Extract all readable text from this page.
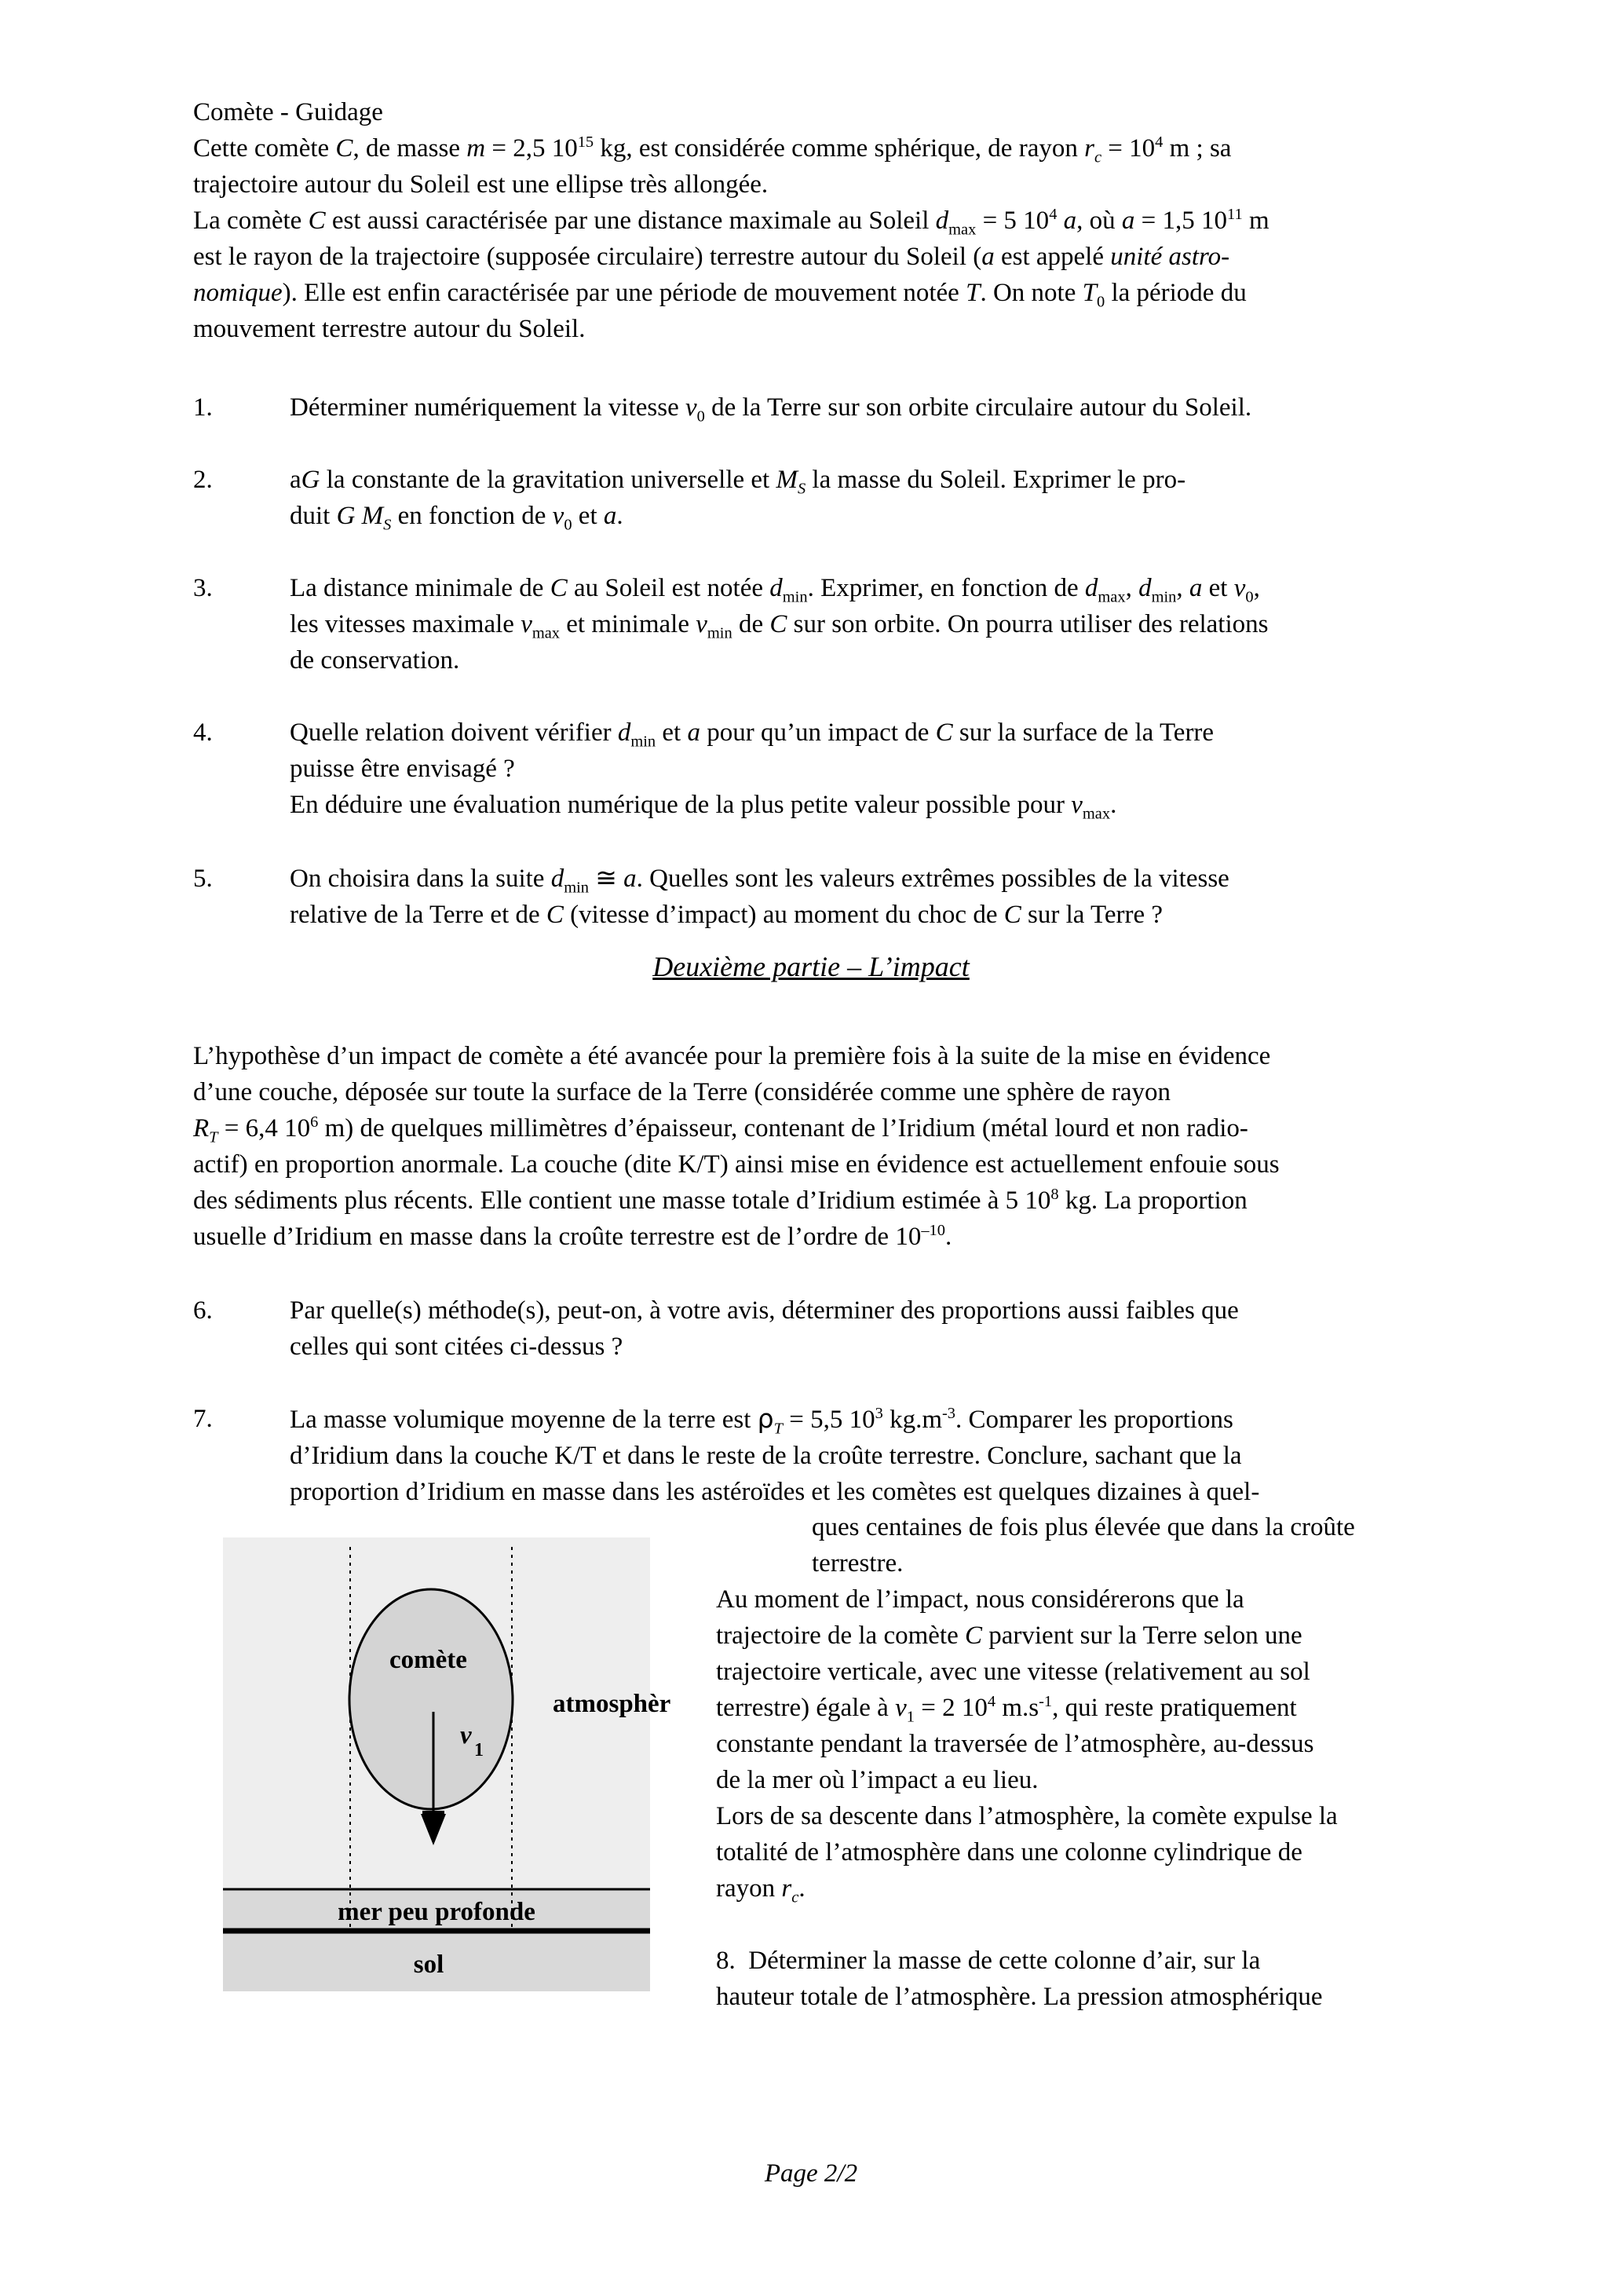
Comète - Guidage
Cette comète C, de masse m = 2,5 $10^{15}$ kg, est considérée comme sphérique, de rayon $r_c = 10^4$ m ; sa
trajectoire autour du Soleil est une ellipse très allongée.
La comète C est aussi caractérisée par une distance maximale au Soleil $d_{max} = 5$ $10^4$ a, où a = 1,5 $10^{11}$ m
est le rayon de la trajectoire (supposée circulaire) terrestre autour du Soleil (a est appelé unité astro-
nomique). Elle est enfin caractérisée par une période de mouvement notée T. On note $T_0$ la période du
mouvement terrestre autour du Soleil.
1.	Déterminer numériquement la vitesse $v_0$ de la Terre sur son orbite circulaire autour du Soleil.
2.	aG la constante de la gravitation universelle et $M_S$ la masse du Soleil. Exprimer le pro-
duit G $M_S$ en fonction de $v_0$ et a.
3.	La distance minimale de C au Soleil est notée $d_{min}$. Exprimer, en fonction de $d_{max}$, $d_{min}$, a et $v_0$,
les vitesses maximale $v_{max}$ et minimale $v_{min}$ de C sur son orbite. On pourra utiliser des relations
de conservation.
4.	Quelle relation doivent vérifier $d_{min}$ et a pour qu’un impact de C sur la surface de la Terre
puisse être envisagé ?
En déduire une évaluation numérique de la plus petite valeur possible pour $v_{max}$.
5.	On choisira dans la suite $d_{min}$ ≅ a. Quelles sont les valeurs extrêmes possibles de la vitesse
relative de la Terre et de C (vitesse d’impact) au moment du choc de C sur la Terre ?
Deuxième partie – L’impact
L’hypothèse d’un impact de comète a été avancée pour la première fois à la suite de la mise en évidence
d’une couche, déposée sur toute la surface de la Terre (considérée comme une sphère de rayon
$R_T = 6,4$ $10^6$ m) de quelques millimètres d’épaisseur, contenant de l’Iridium (métal lourd et non radio-
actif) en proportion anormale. La couche (dite K/T) ainsi mise en évidence est actuellement enfouie sous
des sédiments plus récents. Elle contient une masse totale d’Iridium estimée à 5 $10^8$ kg. La proportion
usuelle d’Iridium en masse dans la croûte terrestre est de l’ordre de $10^{-10}$.
6.	Par quelle(s) méthode(s), peut-on, à votre avis, déterminer des proportions aussi faibles que
celles qui sont citées ci-dessus ?
7.	La masse volumique moyenne de la terre est $\rho_T = 5,5$ $10^3$ $kg.m^{-3}$. Comparer les proportions
d’Iridium dans la couche K/T et dans le reste de la croûte terrestre. Conclure, sachant que la
proportion d’Iridium en masse dans les astéroïdes et les comètes est quelques dizaines à quel-
ques centaines de fois plus élevée que dans la croûte
terrestre.
Au moment de l’impact, nous considérerons que la
trajectoire de la comète C parvient sur la Terre selon une
trajectoire verticale, avec une vitesse (relativement au sol
terrestre) égale à $v_1 = 2$ $10^4$ $m.s^{-1}$, qui reste pratiquement
constante pendant la traversée de l’atmosphère, au-dessus
de la mer où l’impact a eu lieu.
Lors de sa descente dans l’atmosphère, la comète expulse la
totalité de l’atmosphère dans une colonne cylindrique de
rayon $r_c$.
8. Déterminer la masse de cette colonne d’air, sur la
hauteur totale de l’atmosphère. La pression atmosphérique
comète
v
1
atmosphèr
mer peu profonde
sol
Page 2/2
